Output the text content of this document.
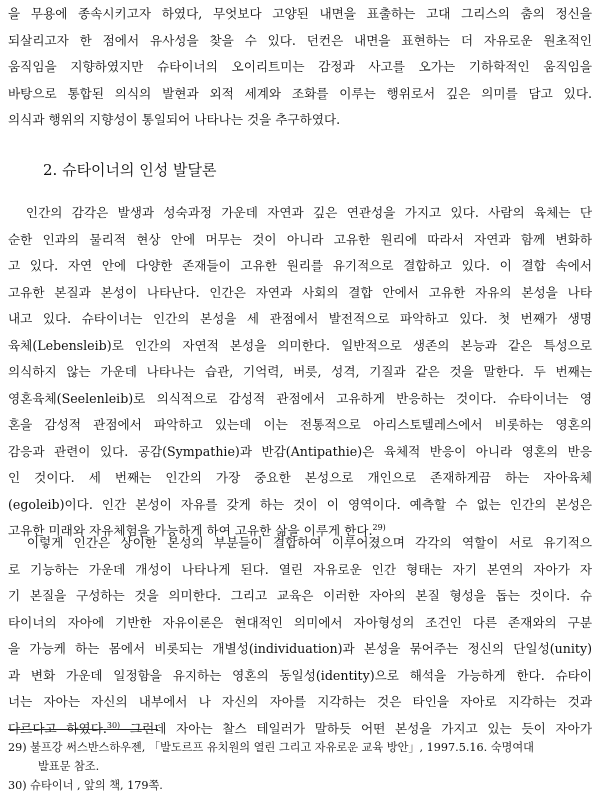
을 무용에 종속시키고자 하였다, 무엇보다 고양된 내면을 표출하는 고대 그리스의 춤의 정신을
되살리고자 한 점에서 유사성을 찾을 수 있다. 던컨은 내면을 표현하는 더 자유로운 원초적인
움직임을 지향하였지만 슈타이너의 오이리트미는 감정과 사고를 오가는 기하학적인 움직임을
바탕으로 통합된 의식의 발현과 외적 세계와 조화를 이루는 행위로서 깊은 의미를 담고 있다.
의식과 행위의 지향성이 통일되어 나타나는 것을 추구하였다.
2. 슈타이너의 인성 발달론
　인간의 감각은 발생과 성숙과정 가운데 자연과 깊은 연관성을 가지고 있다. 사람의 육체는 단
순한 인과의 물리적 현상 안에 머무는 것이 아니라 고유한 원리에 따라서 자연과 함께 변화하
고 있다. 자연 안에 다양한 존재들이 고유한 원리를 유기적으로 결합하고 있다. 이 결합 속에서
고유한 본질과 본성이 나타난다. 인간은 자연과 사회의 결합 안에서 고유한 자유의 본성을 나타
내고 있다. 슈타이너는 인간의 본성을 세 관점에서 발전적으로 파악하고 있다. 첫 번째가 생명
육체(Lebensleib)로 인간의 자연적 본성을 의미한다. 일반적으로 생존의 본능과 같은 특성으로
의식하지 않는 가운데 나타나는 습관, 기억력, 버릇, 성격, 기질과 같은 것을 말한다. 두 번째는
영혼육체(Seelenleib)로 의식적으로 감성적 관점에서 고유하게 반응하는 것이다. 슈타이너는 영
혼을 감성적 관점에서 파악하고 있는데 이는 전통적으로 아리스토텔레스에서 비롯하는 영혼의
감응과 관련이 있다. 공감(Sympathie)과 반감(Antipathie)은 육체적 반응이 아니라 영혼의 반응
인 것이다. 세 번째는 인간의 가장 중요한 본성으로 개인으로 존재하게끔 하는 자아육체
(egoleib)이다. 인간 본성이 자유를 갖게 하는 것이 이 영역이다. 예측할 수 없는 인간의 본성은
고유한 미래와 자유체험을 가능하게 하여 고유한 삶을 이루게 한다.$^{29)}$
　이렇게 인간은 상이한 본성의 부분들이 결합하여 이루어졌으며 각각의 역할이 서로 유기적으
로 기능하는 가운데 개성이 나타나게 된다. 열린 자유로운 인간 형태는 자기 본연의 자아가 자
기 본질을 구성하는 것을 의미한다. 그리고 교육은 이러한 자아의 본질 형성을 돕는 것이다. 슈
타이너의 자아에 기반한 자유이론은 현대적인 의미에서 자아형성의 조건인 다른 존재와의 구분
을 가능케 하는 몸에서 비롯되는 개별성(individuation)과 본성을 묶어주는 정신의 단일성(unity)
과 변화 가운데 일정함을 유지하는 영혼의 동일성(identity)으로 해석을 가능하게 한다. 슈타이
너는 자아는 자신의 내부에서 나 자신의 자아를 지각하는 것은 타인을 자아로 지각하는 것과
다르다고 하였다.$^{30)}$ 그런데 자아는 찰스 테일러가 말하듯 어떤 본성을 가지고 있는 듯이 자아가
29) 불프강 써스반스하우젠, 「발도르프 유치원의 열린 그리고 자유로운 교육 방안」, 1997.5.16. 숙명여대
발표문 참조.
30) 슈타이너 , 앞의 책, 179쪽.
